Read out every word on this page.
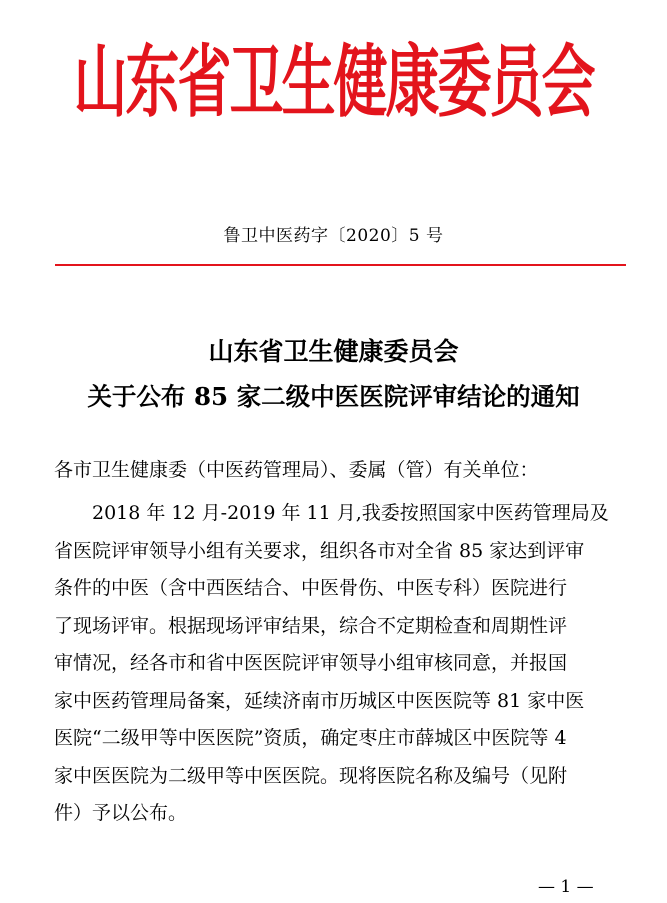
山东省卫生健康委员会
鲁卫中医药字〔2020〕5 号
山东省卫生健康委员会
关于公布 85 家二级中医医院评审结论的通知
各市卫生健康委（中医药管理局）、委属（管）有关单位：
2018 年 12 月-2019 年 11 月,我委按照国家中医药管理局及
省医院评审领导小组有关要求，组织各市对全省 85 家达到评审
条件的中医（含中西医结合、中医骨伤、中医专科）医院进行
了现场评审。根据现场评审结果，综合不定期检查和周期性评
审情况，经各市和省中医医院评审领导小组审核同意，并报国
家中医药管理局备案，延续济南市历城区中医医院等 81 家中医
医院“二级甲等中医医院”资质，确定枣庄市薛城区中医院等 4
家中医医院为二级甲等中医医院。现将医院名称及编号（见附
件）予以公布。
— 1 —
